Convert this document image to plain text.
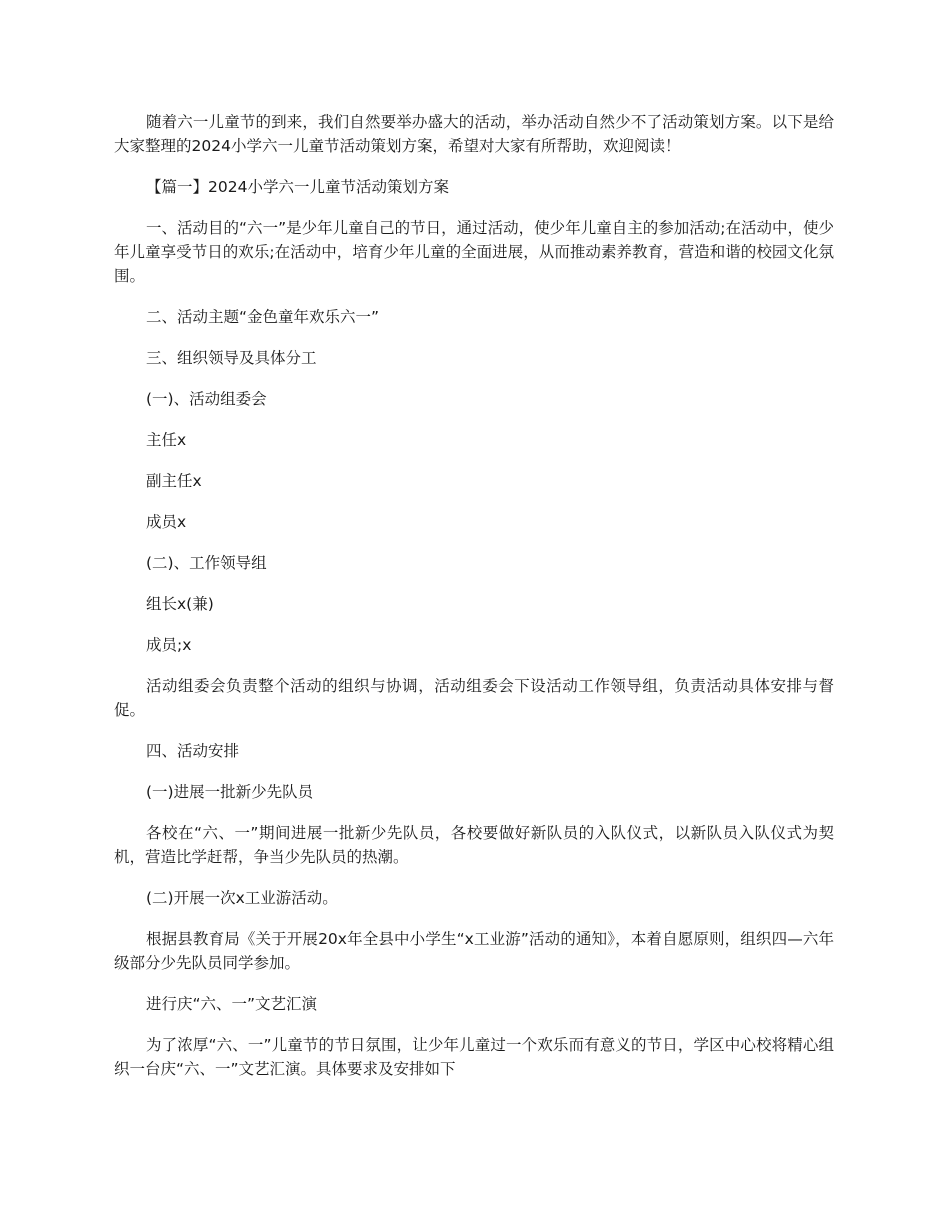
随着六一儿童节的到来，我们自然要举办盛大的活动，举办活动自然少不了活动策划方案。以下是给大家整理的2024小学六一儿童节活动策划方案，希望对大家有所帮助，欢迎阅读！

【篇一】2024小学六一儿童节活动策划方案

一、活动目的“六一”是少年儿童自己的节日，通过活动，使少年儿童自主的参加活动;在活动中，使少年儿童享受节日的欢乐;在活动中，培育少年儿童的全面进展，从而推动素养教育，营造和谐的校园文化氛围。

二、活动主题“金色童年欢乐六一”

三、组织领导及具体分工

(一)、活动组委会

主任x

副主任x

成员x

(二)、工作领导组

组长x(兼)

成员;x

活动组委会负责整个活动的组织与协调，活动组委会下设活动工作领导组，负责活动具体安排与督促。

四、活动安排

(一)进展一批新少先队员

各校在“六、一”期间进展一批新少先队员，各校要做好新队员的入队仪式，以新队员入队仪式为契机，营造比学赶帮，争当少先队员的热潮。

(二)开展一次x工业游活动。

根据县教育局《关于开展20x年全县中小学生“x工业游”活动的通知》，本着自愿原则，组织四—六年级部分少先队员同学参加。

进行庆“六、一”文艺汇演

为了浓厚“六、一”儿童节的节日氛围，让少年儿童过一个欢乐而有意义的节日，学区中心校将精心组织一台庆“六、一”文艺汇演。具体要求及安排如下
